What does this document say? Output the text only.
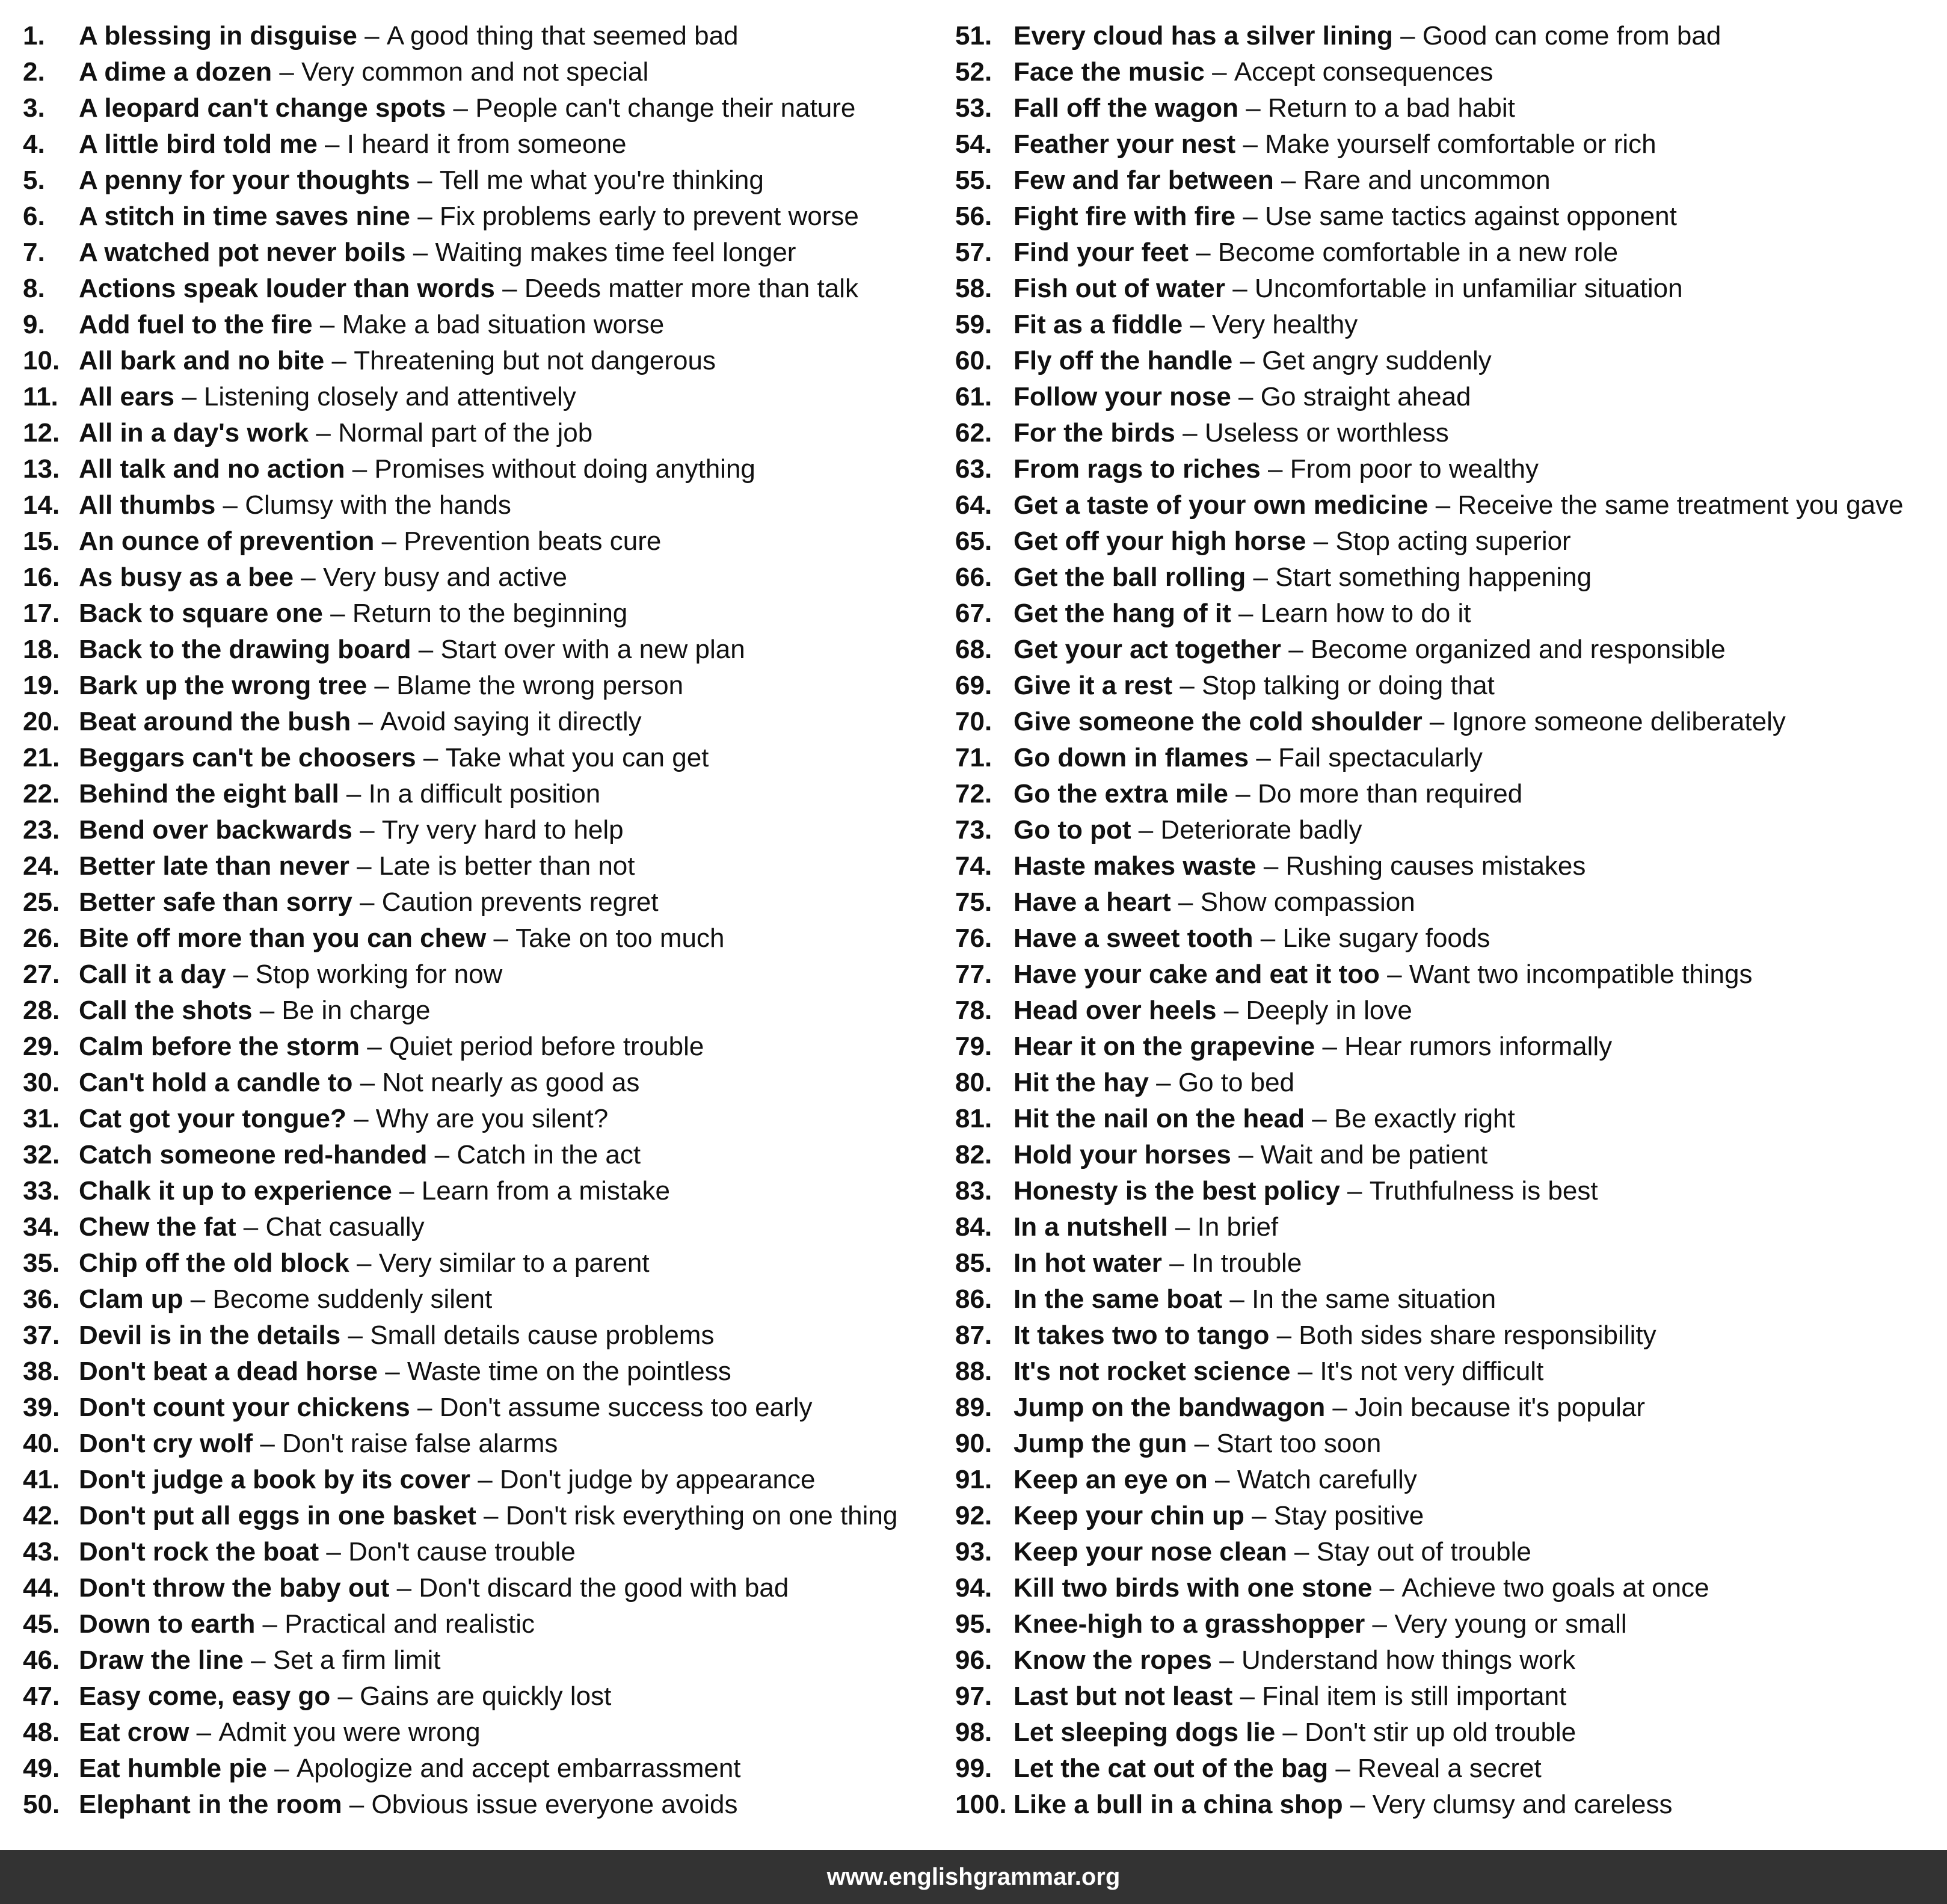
1.	A blessing in disguise – A good thing that seemed bad
2.	A dime a dozen – Very common and not special
3.	A leopard can't change spots – People can't change their nature
4.	A little bird told me – I heard it from someone
5.	A penny for your thoughts – Tell me what you're thinking
6.	A stitch in time saves nine – Fix problems early to prevent worse
7.	A watched pot never boils – Waiting makes time feel longer
8.	Actions speak louder than words – Deeds matter more than talk
9.	Add fuel to the fire – Make a bad situation worse
10. All bark and no bite – Threatening but not dangerous
11. All ears – Listening closely and attentively
12. All in a day's work – Normal part of the job
13. All talk and no action – Promises without doing anything
14. All thumbs – Clumsy with the hands
15. An ounce of prevention – Prevention beats cure
16. As busy as a bee – Very busy and active
17. Back to square one – Return to the beginning
18. Back to the drawing board – Start over with a new plan
19. Bark up the wrong tree – Blame the wrong person
20. Beat around the bush – Avoid saying it directly
21. Beggars can't be choosers – Take what you can get
22. Behind the eight ball – In a difficult position
23. Bend over backwards – Try very hard to help
24. Better late than never – Late is better than not
25. Better safe than sorry – Caution prevents regret
26. Bite off more than you can chew – Take on too much
27. Call it a day – Stop working for now
28. Call the shots – Be in charge
29. Calm before the storm – Quiet period before trouble
30. Can't hold a candle to – Not nearly as good as
31. Cat got your tongue? – Why are you silent?
32. Catch someone red-handed – Catch in the act
33. Chalk it up to experience – Learn from a mistake
34. Chew the fat – Chat casually
35. Chip off the old block – Very similar to a parent
36. Clam up – Become suddenly silent
37. Devil is in the details – Small details cause problems
38. Don't beat a dead horse – Waste time on the pointless
39. Don't count your chickens – Don't assume success too early
40. Don't cry wolf – Don't raise false alarms
41. Don't judge a book by its cover – Don't judge by appearance
42. Don't put all eggs in one basket – Don't risk everything on one thing
43. Don't rock the boat – Don't cause trouble
44. Don't throw the baby out – Don't discard the good with bad
45. Down to earth – Practical and realistic
46. Draw the line – Set a firm limit
47. Easy come, easy go – Gains are quickly lost
48. Eat crow – Admit you were wrong
49. Eat humble pie – Apologize and accept embarrassment
50. Elephant in the room – Obvious issue everyone avoids
51. Every cloud has a silver lining – Good can come from bad
52. Face the music – Accept consequences
53. Fall off the wagon – Return to a bad habit
54. Feather your nest – Make yourself comfortable or rich
55. Few and far between – Rare and uncommon
56. Fight fire with fire – Use same tactics against opponent
57. Find your feet – Become comfortable in a new role
58. Fish out of water – Uncomfortable in unfamiliar situation
59. Fit as a fiddle – Very healthy
60. Fly off the handle – Get angry suddenly
61. Follow your nose – Go straight ahead
62. For the birds – Useless or worthless
63. From rags to riches – From poor to wealthy
64. Get a taste of your own medicine – Receive the same treatment you gave
65. Get off your high horse – Stop acting superior
66. Get the ball rolling – Start something happening
67. Get the hang of it – Learn how to do it
68. Get your act together – Become organized and responsible
69. Give it a rest – Stop talking or doing that
70. Give someone the cold shoulder – Ignore someone deliberately
71. Go down in flames – Fail spectacularly
72. Go the extra mile – Do more than required
73. Go to pot – Deteriorate badly
74. Haste makes waste – Rushing causes mistakes
75. Have a heart – Show compassion
76. Have a sweet tooth – Like sugary foods
77. Have your cake and eat it too – Want two incompatible things
78. Head over heels – Deeply in love
79. Hear it on the grapevine – Hear rumors informally
80. Hit the hay – Go to bed
81. Hit the nail on the head – Be exactly right
82. Hold your horses – Wait and be patient
83. Honesty is the best policy – Truthfulness is best
84. In a nutshell – In brief
85. In hot water – In trouble
86. In the same boat – In the same situation
87. It takes two to tango – Both sides share responsibility
88. It's not rocket science – It's not very difficult
89. Jump on the bandwagon – Join because it's popular
90. Jump the gun – Start too soon
91. Keep an eye on – Watch carefully
92. Keep your chin up – Stay positive
93. Keep your nose clean – Stay out of trouble
94. Kill two birds with one stone – Achieve two goals at once
95. Knee-high to a grasshopper – Very young or small
96. Know the ropes – Understand how things work
97. Last but not least – Final item is still important
98. Let sleeping dogs lie – Don't stir up old trouble
99. Let the cat out of the bag – Reveal a secret
100. Like a bull in a china shop – Very clumsy and careless
www.englishgrammar.org
